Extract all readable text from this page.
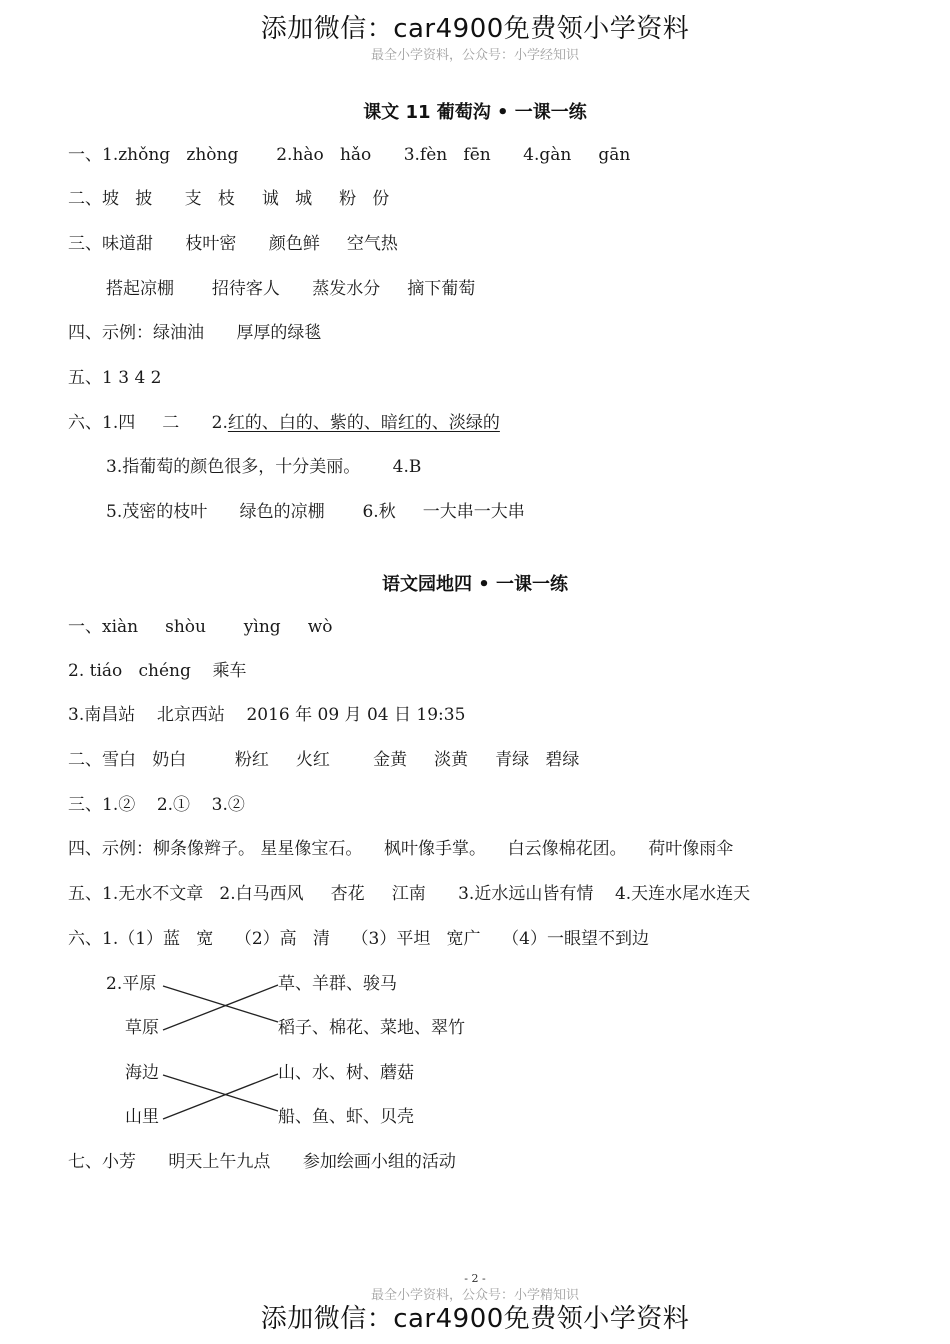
最全小学资料，公众号：小学经知识
添加微信：car4900免费领小学资料
课文 11 葡萄沟 • 一课一练
一、1.zhǒng   zhòng       2.hào   hǎo      3.fèn   fēn      4.gàn     gān
二、坡   披      支   枝     诚   城     粉   份
三、味道甜      枝叶密      颜色鲜     空气热
搭起凉棚       招待客人      蒸发水分     摘下葡萄
四、示例：绿油油      厚厚的绿毯
五、1 3 4 2
六、1.四     二      2.红的、白的、紫的、暗红的、淡绿的
3.指葡萄的颜色很多，十分美丽。      4.B
5.茂密的枝叶      绿色的凉棚       6.秋     一大串一大串
语文园地四 • 一课一练
一、xiàn     shòu       yìng     wò
2. tiáo   chéng    乘车
3.南昌站    北京西站    2016 年 09 月 04 日 19:35
二、雪白   奶白         粉红     火红        金黄     淡黄     青绿   碧绿
三、1.②    2.①    3.②
四、示例：柳条像辫子。 星星像宝石。    枫叶像手掌。    白云像棉花团。    荷叶像雨伞
五、1.无水不文章   2.白马西风     杏花     江南      3.近水远山皆有情    4.天连水尾水连天
六、1.（1）蓝   宽    （2）高   清    （3）平坦   宽广    （4）一眼望不到边
2.平原
草原
海边
山里
草、羊群、骏马
稻子、棉花、菜地、翠竹
山、水、树、蘑菇
船、鱼、虾、贝壳
七、小芳      明天上午九点      参加绘画小组的活动
- 2 -
最全小学资料，公众号：小学精知识
添加微信：car4900免费领小学资料
